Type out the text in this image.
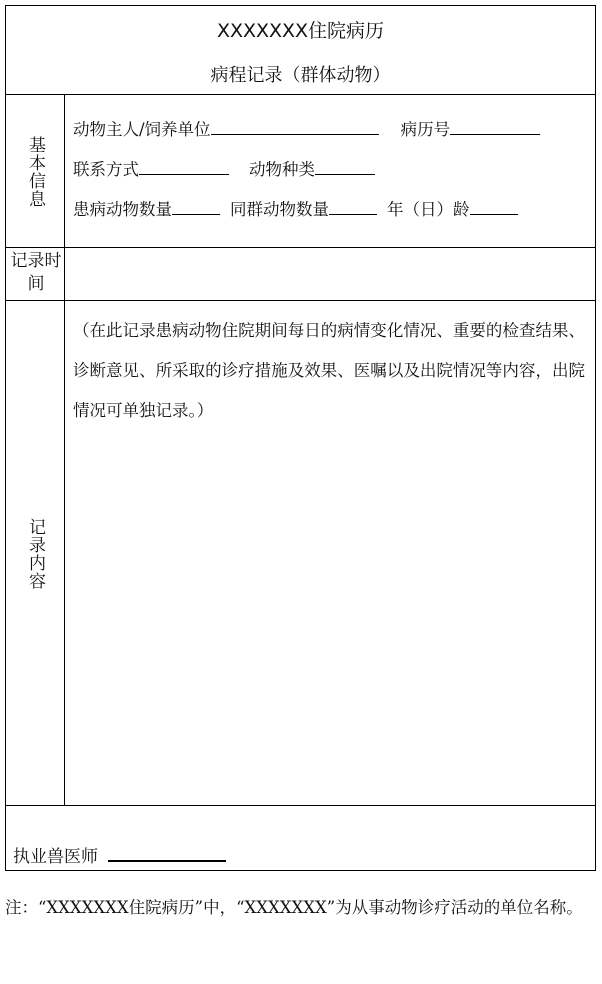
XXXXXXX住院病历
病程记录（群体动物）
基本信息
动物主人/饲养单位	病历号
联系方式	动物种类
患病动物数量	同群动物数量	年（日）龄
记录时间
记录内容
（在此记录患病动物住院期间每日的病情变化情况、重要的检查结果、诊断意见、所采取的诊疗措施及效果、医嘱以及出院情况等内容，出院情况可单独记录。）
执业兽医师
注：“XXXXXXX住院病历”中，“XXXXXXX”为从事动物诊疗活动的单位名称。
